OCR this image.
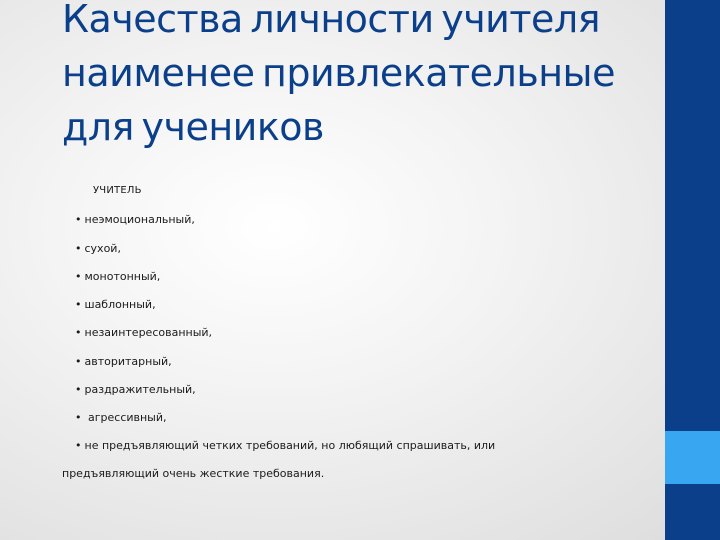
Качества личности учителя наименее привлекательные для учеников

УЧИТЕЛЬ

• неэмоциональный,
• сухой,
• монотонный,
• шаблонный,
• незаинтересованный,
• авторитарный,
• раздражительный,
• агрессивный,
• не предъявляющий четких требований, но любящий спрашивать, или

предъявляющий очень жесткие требования.
